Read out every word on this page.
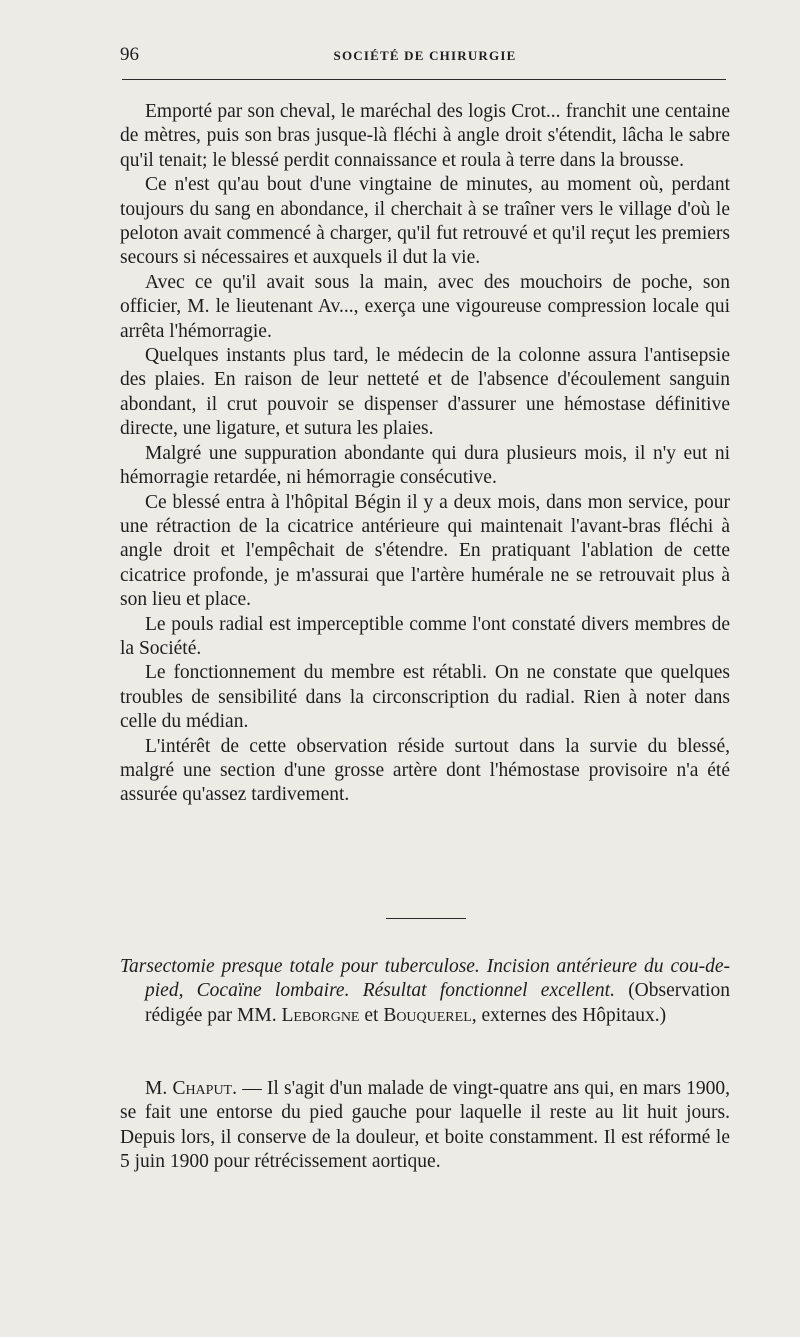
96	SOCIÉTÉ DE CHIRURGIE

Emporté par son cheval, le maréchal des logis Crot... franchit une centaine de mètres, puis son bras jusque-là fléchi à angle droit s'étendit, lâcha le sabre qu'il tenait; le blessé perdit connaissance et roula à terre dans la brousse.

Ce n'est qu'au bout d'une vingtaine de minutes, au moment où, perdant toujours du sang en abondance, il cherchait à se traîner vers le village d'où le peloton avait commencé à charger, qu'il fut retrouvé et qu'il reçut les premiers secours si nécessaires et auxquels il dut la vie.

Avec ce qu'il avait sous la main, avec des mouchoirs de poche, son officier, M. le lieutenant Av..., exerça une vigoureuse compression locale qui arrêta l'hémorragie.

Quelques instants plus tard, le médecin de la colonne assura l'antisepsie des plaies. En raison de leur netteté et de l'absence d'écoulement sanguin abondant, il crut pouvoir se dispenser d'assurer une hémostase définitive directe, une ligature, et sutura les plaies.

Malgré une suppuration abondante qui dura plusieurs mois, il n'y eut ni hémorragie retardée, ni hémorragie consécutive.

Ce blessé entra à l'hôpital Bégin il y a deux mois, dans mon service, pour une rétraction de la cicatrice antérieure qui maintenait l'avant-bras fléchi à angle droit et l'empêchait de s'étendre. En pratiquant l'ablation de cette cicatrice profonde, je m'assurai que l'artère humérale ne se retrouvait plus à son lieu et place.

Le pouls radial est imperceptible comme l'ont constaté divers membres de la Société.

Le fonctionnement du membre est rétabli. On ne constate que quelques troubles de sensibilité dans la circonscription du radial. Rien à noter dans celle du médian.

L'intérêt de cette observation réside surtout dans la survie du blessé, malgré une section d'une grosse artère dont l'hémostase provisoire n'a été assurée qu'assez tardivement.

Tarsectomie presque totale pour tuberculose. Incision antérieure du cou-de-pied, Cocaïne lombaire. Résultat fonctionnel excellent. (Observation rédigée par MM. Leborgne et Bouquerel, externes des Hôpitaux.)

M. Chaput. — Il s'agit d'un malade de vingt-quatre ans qui, en mars 1900, se fait une entorse du pied gauche pour laquelle il reste au lit huit jours. Depuis lors, il conserve de la douleur, et boite constamment. Il est réformé le 5 juin 1900 pour rétrécissement aortique.
